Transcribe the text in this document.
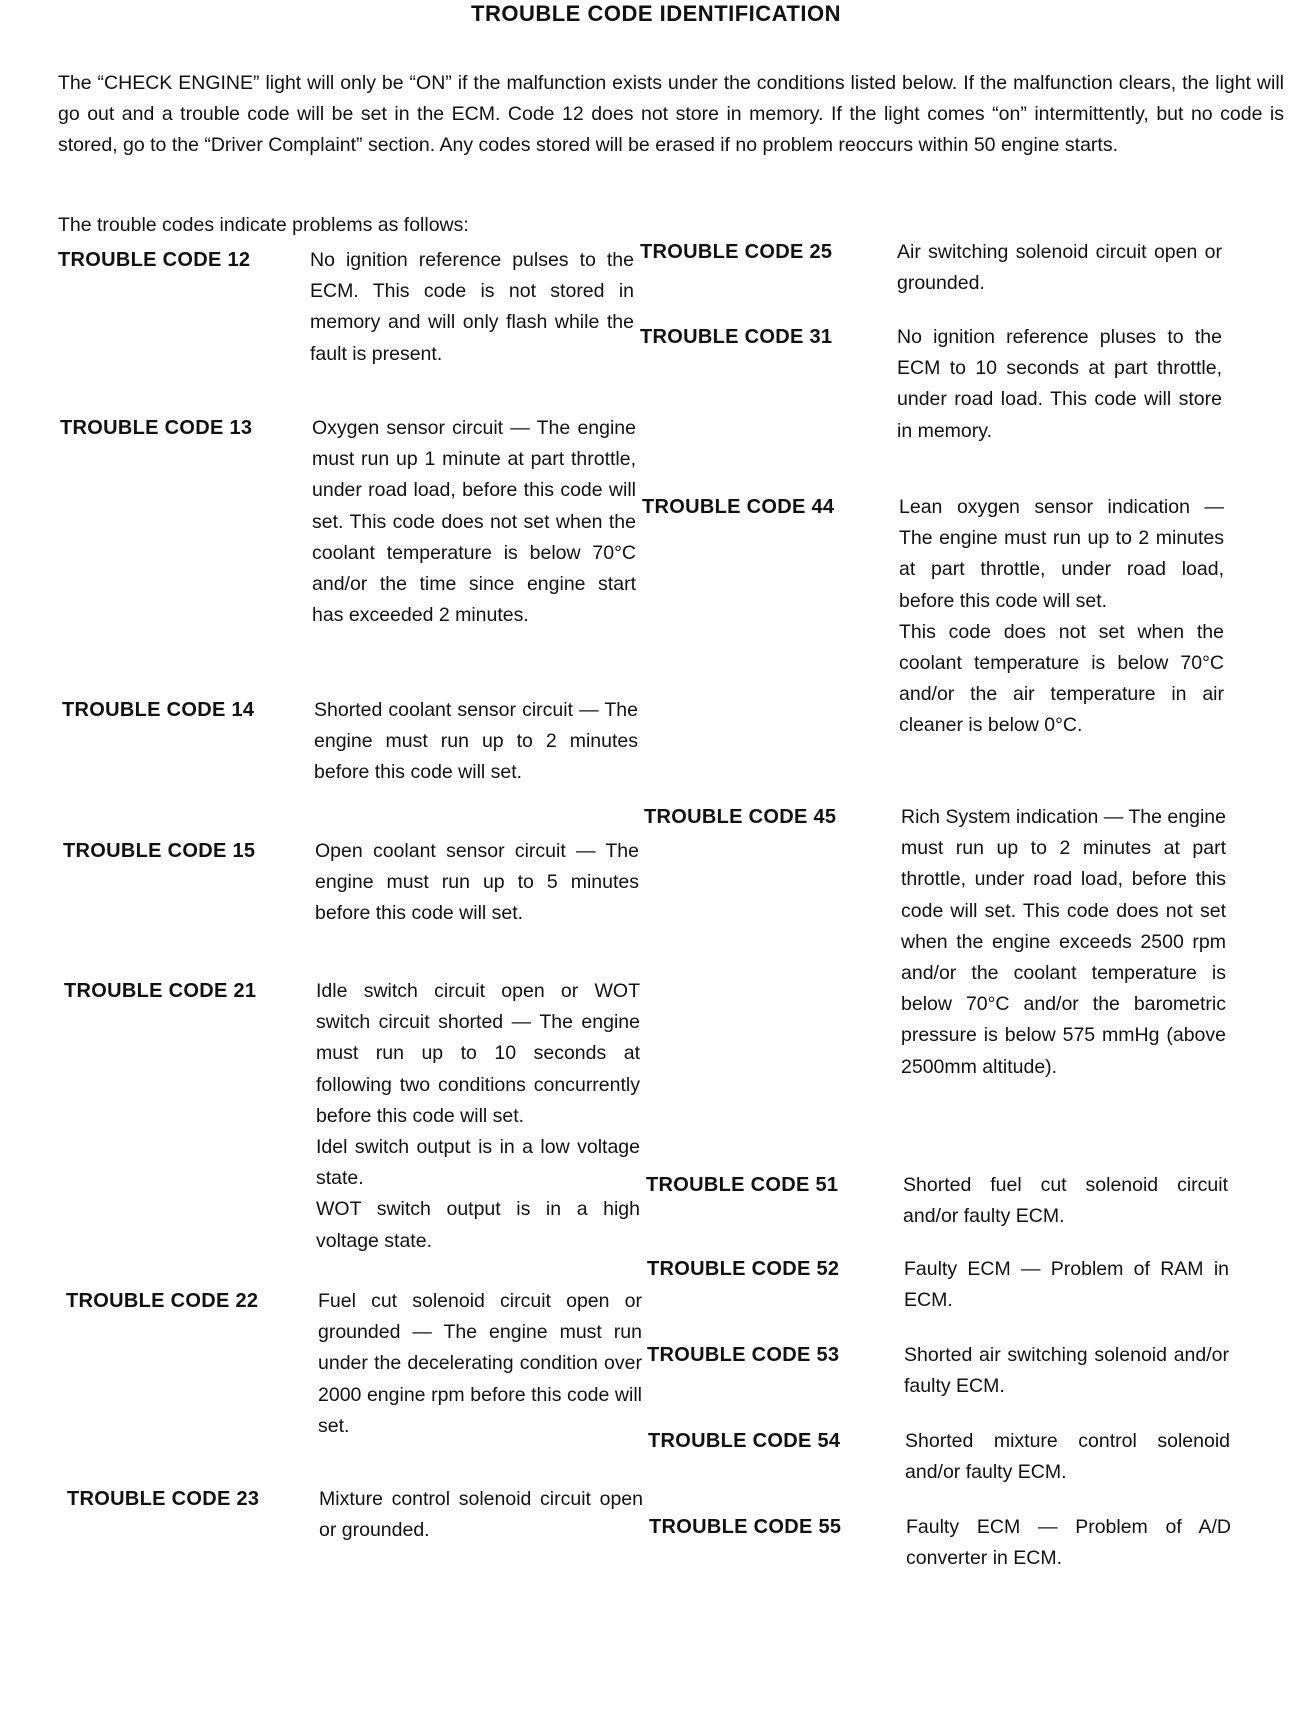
TROUBLE CODE IDENTIFICATION

The “CHECK ENGINE” light will only be “ON” if the malfunction exists under the conditions listed below. If the malfunction clears, the light will go out and a trouble code will be set in the ECM. Code 12 does not store in memory. If the light comes “on” intermittently, but no code is stored, go to the “Driver Complaint” section. Any codes stored will be erased if no problem reoccurs within 50 engine starts.

The trouble codes indicate problems as follows:

TROUBLE CODE 12	No ignition reference pulses to the ECM. This code is not stored in memory and will only flash while the fault is present.

TROUBLE CODE 13	Oxygen sensor circuit — The engine must run up 1 minute at part throttle, under road load, before this code will set. This code does not set when the coolant temperature is below 70°C and/or the time since engine start has exceeded 2 minutes.

TROUBLE CODE 14	Shorted coolant sensor circuit — The engine must run up to 2 minutes before this code will set.

TROUBLE CODE 15	Open coolant sensor circuit — The engine must run up to 5 minutes before this code will set.

TROUBLE CODE 21	Idle switch circuit open or WOT switch circuit shorted — The engine must run up to 10 seconds at following two conditions concurrently before this code will set.
Idel switch output is in a low voltage state.
WOT switch output is in a high voltage state.

TROUBLE CODE 22	Fuel cut solenoid circuit open or grounded — The engine must run under the decelerating condition over 2000 engine rpm before this code will set.

TROUBLE CODE 23	Mixture control solenoid circuit open or grounded.

TROUBLE CODE 25	Air switching solenoid circuit open or grounded.

TROUBLE CODE 31	No ignition reference pluses to the ECM to 10 seconds at part throttle, under road load. This code will store in memory.

TROUBLE CODE 44	Lean oxygen sensor indication — The engine must run up to 2 minutes at part throttle, under road load, before this code will set.
This code does not set when the coolant temperature is below 70°C and/or the air temperature in air cleaner is below 0°C.

TROUBLE CODE 45	Rich System indication — The engine must run up to 2 minutes at part throttle, under road load, before this code will set. This code does not set when the engine exceeds 2500 rpm and/or the coolant temperature is below 70°C and/or the barometric pressure is below 575 mmHg (above 2500mm altitude).

TROUBLE CODE 51	Shorted fuel cut solenoid circuit and/or faulty ECM.

TROUBLE CODE 52	Faulty ECM — Problem of RAM in ECM.

TROUBLE CODE 53	Shorted air switching solenoid and/or faulty ECM.

TROUBLE CODE 54	Shorted mixture control solenoid and/or faulty ECM.

TROUBLE CODE 55	Faulty ECM — Problem of A/D converter in ECM.
